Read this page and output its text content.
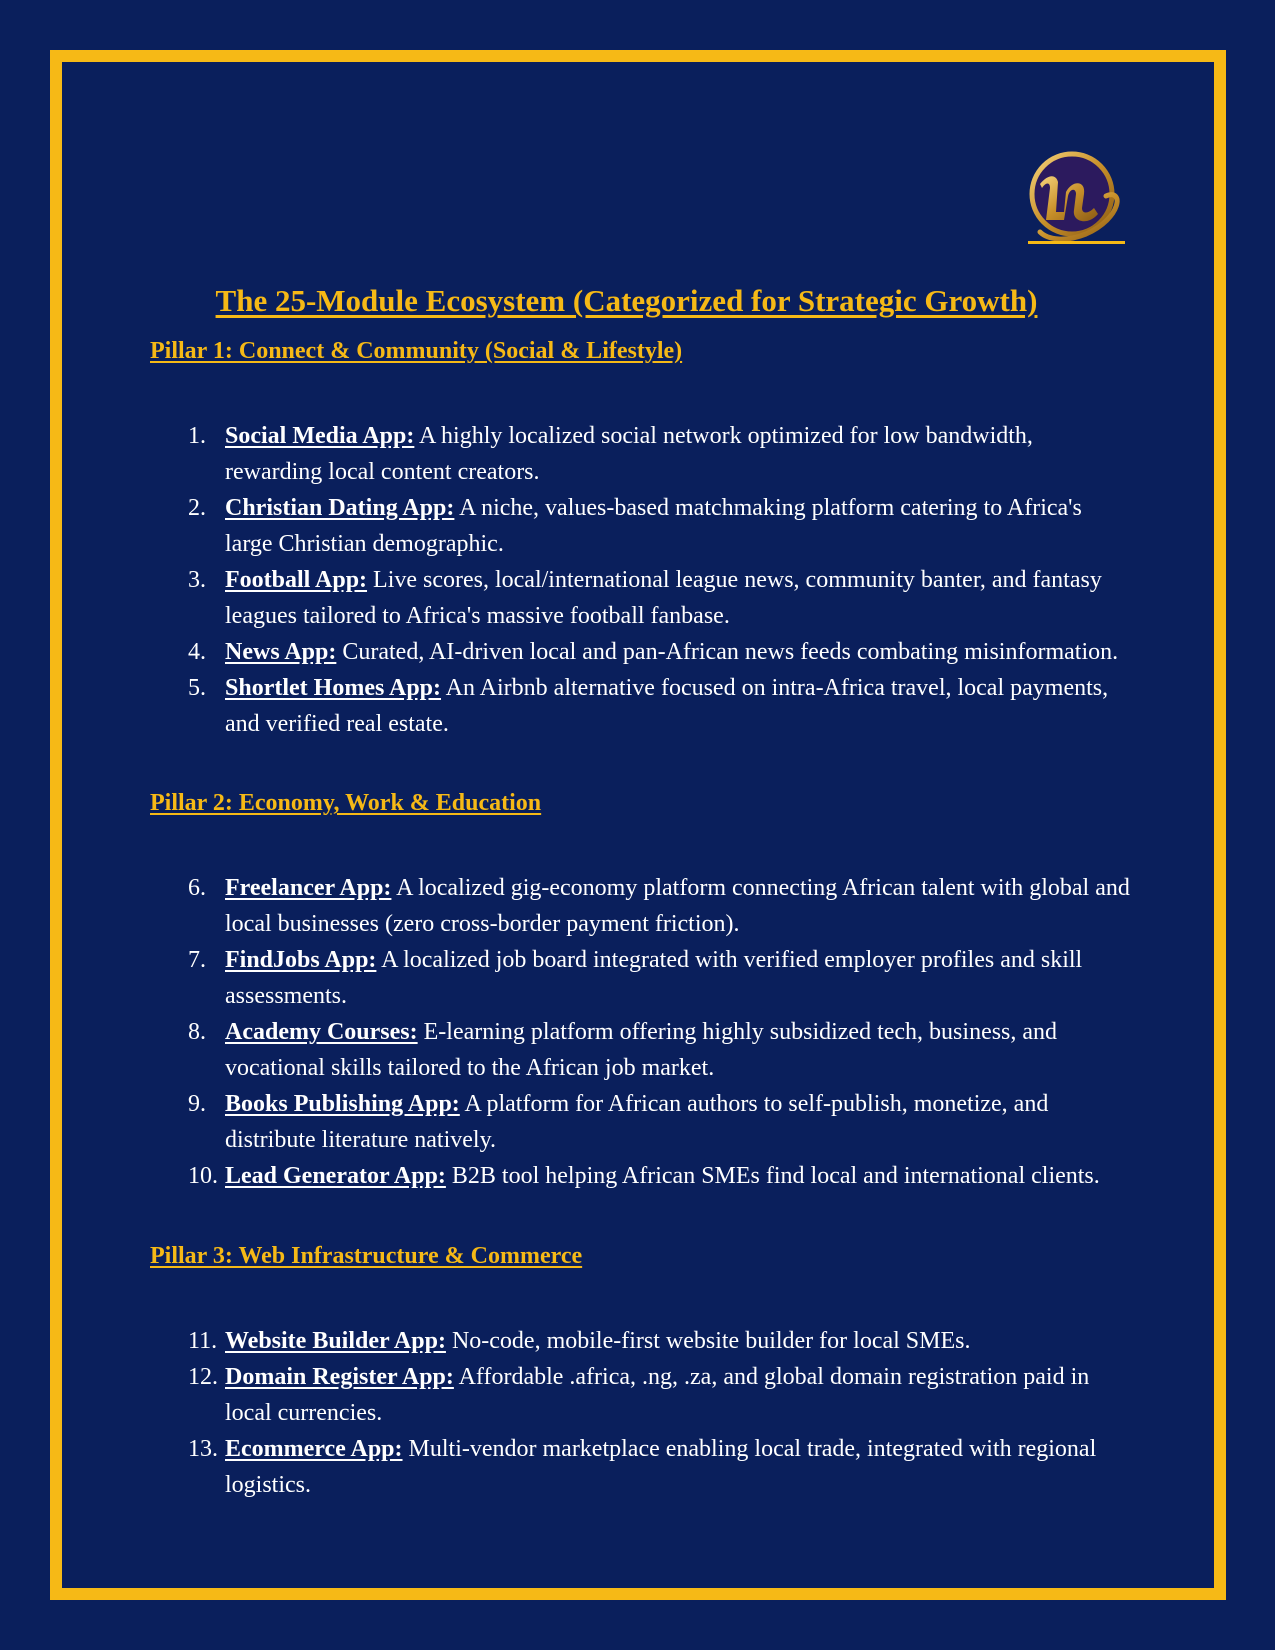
The 25-Module Ecosystem (Categorized for Strategic Growth)
Pillar 1: Connect & Community (Social & Lifestyle)
1. Social Media App: A highly localized social network optimized for low bandwidth, rewarding local content creators.
2. Christian Dating App: A niche, values-based matchmaking platform catering to Africa's large Christian demographic.
3. Football App: Live scores, local/international league news, community banter, and fantasy leagues tailored to Africa's massive football fanbase.
4. News App: Curated, AI-driven local and pan-African news feeds combating misinformation.
5. Shortlet Homes App: An Airbnb alternative focused on intra-Africa travel, local payments, and verified real estate.
Pillar 2: Economy, Work & Education
6. Freelancer App: A localized gig-economy platform connecting African talent with global and local businesses (zero cross-border payment friction).
7. FindJobs App: A localized job board integrated with verified employer profiles and skill assessments.
8. Academy Courses: E-learning platform offering highly subsidized tech, business, and vocational skills tailored to the African job market.
9. Books Publishing App: A platform for African authors to self-publish, monetize, and distribute literature natively.
10. Lead Generator App: B2B tool helping African SMEs find local and international clients.
Pillar 3: Web Infrastructure & Commerce
11. Website Builder App: No-code, mobile-first website builder for local SMEs.
12. Domain Register App: Affordable .africa, .ng, .za, and global domain registration paid in local currencies.
13. Ecommerce App: Multi-vendor marketplace enabling local trade, integrated with regional logistics.
